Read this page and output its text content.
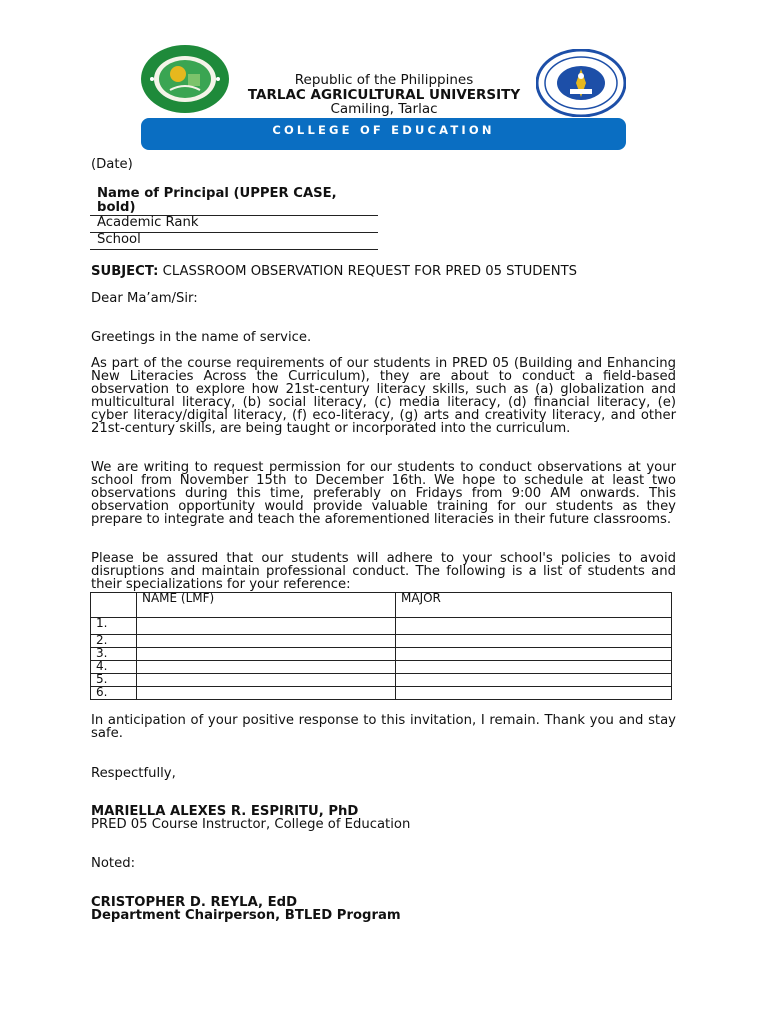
Republic of the Philippines
TARLAC AGRICULTURAL UNIVERSITY
Camiling, Tarlac
COLLEGE OF EDUCATION
(Date)
Name of Principal (UPPER CASE,
bold)
Academic Rank
School
SUBJECT: CLASSROOM OBSERVATION REQUEST FOR PRED 05 STUDENTS
Dear Ma’am/Sir:
Greetings in the name of service.
As part of the course requirements of our students in PRED 05 (Building and Enhancing New Literacies Across the Curriculum), they are about to conduct a field-based observation to explore how 21st-century literacy skills, such as (a) globalization and multicultural literacy, (b) social literacy, (c) media literacy, (d) financial literacy, (e) cyber literacy/digital literacy, (f) eco-literacy, (g) arts and creativity literacy, and other 21st-century skills, are being taught or incorporated into the curriculum.
We are writing to request permission for our students to conduct observations at your school from November 15th to December 16th. We hope to schedule at least two observations during this time, preferably on Fridays from 9:00 AM onwards. This observation opportunity would provide valuable training for our students as they prepare to integrate and teach the aforementioned literacies in their future classrooms.
Please be assured that our students will adhere to your school's policies to avoid disruptions and maintain professional conduct. The following is a list of students and their specializations for your reference:
	NAME (LMF)	MAJOR
1.		
2.		
3.		
4.		
5.		
6.		
In anticipation of your positive response to this invitation, I remain. Thank you and stay safe.
Respectfully,
MARIELLA ALEXES R. ESPIRITU, PhD
PRED 05 Course Instructor, College of Education
Noted:
CRISTOPHER D. REYLA, EdD
Department Chairperson, BTLED Program
